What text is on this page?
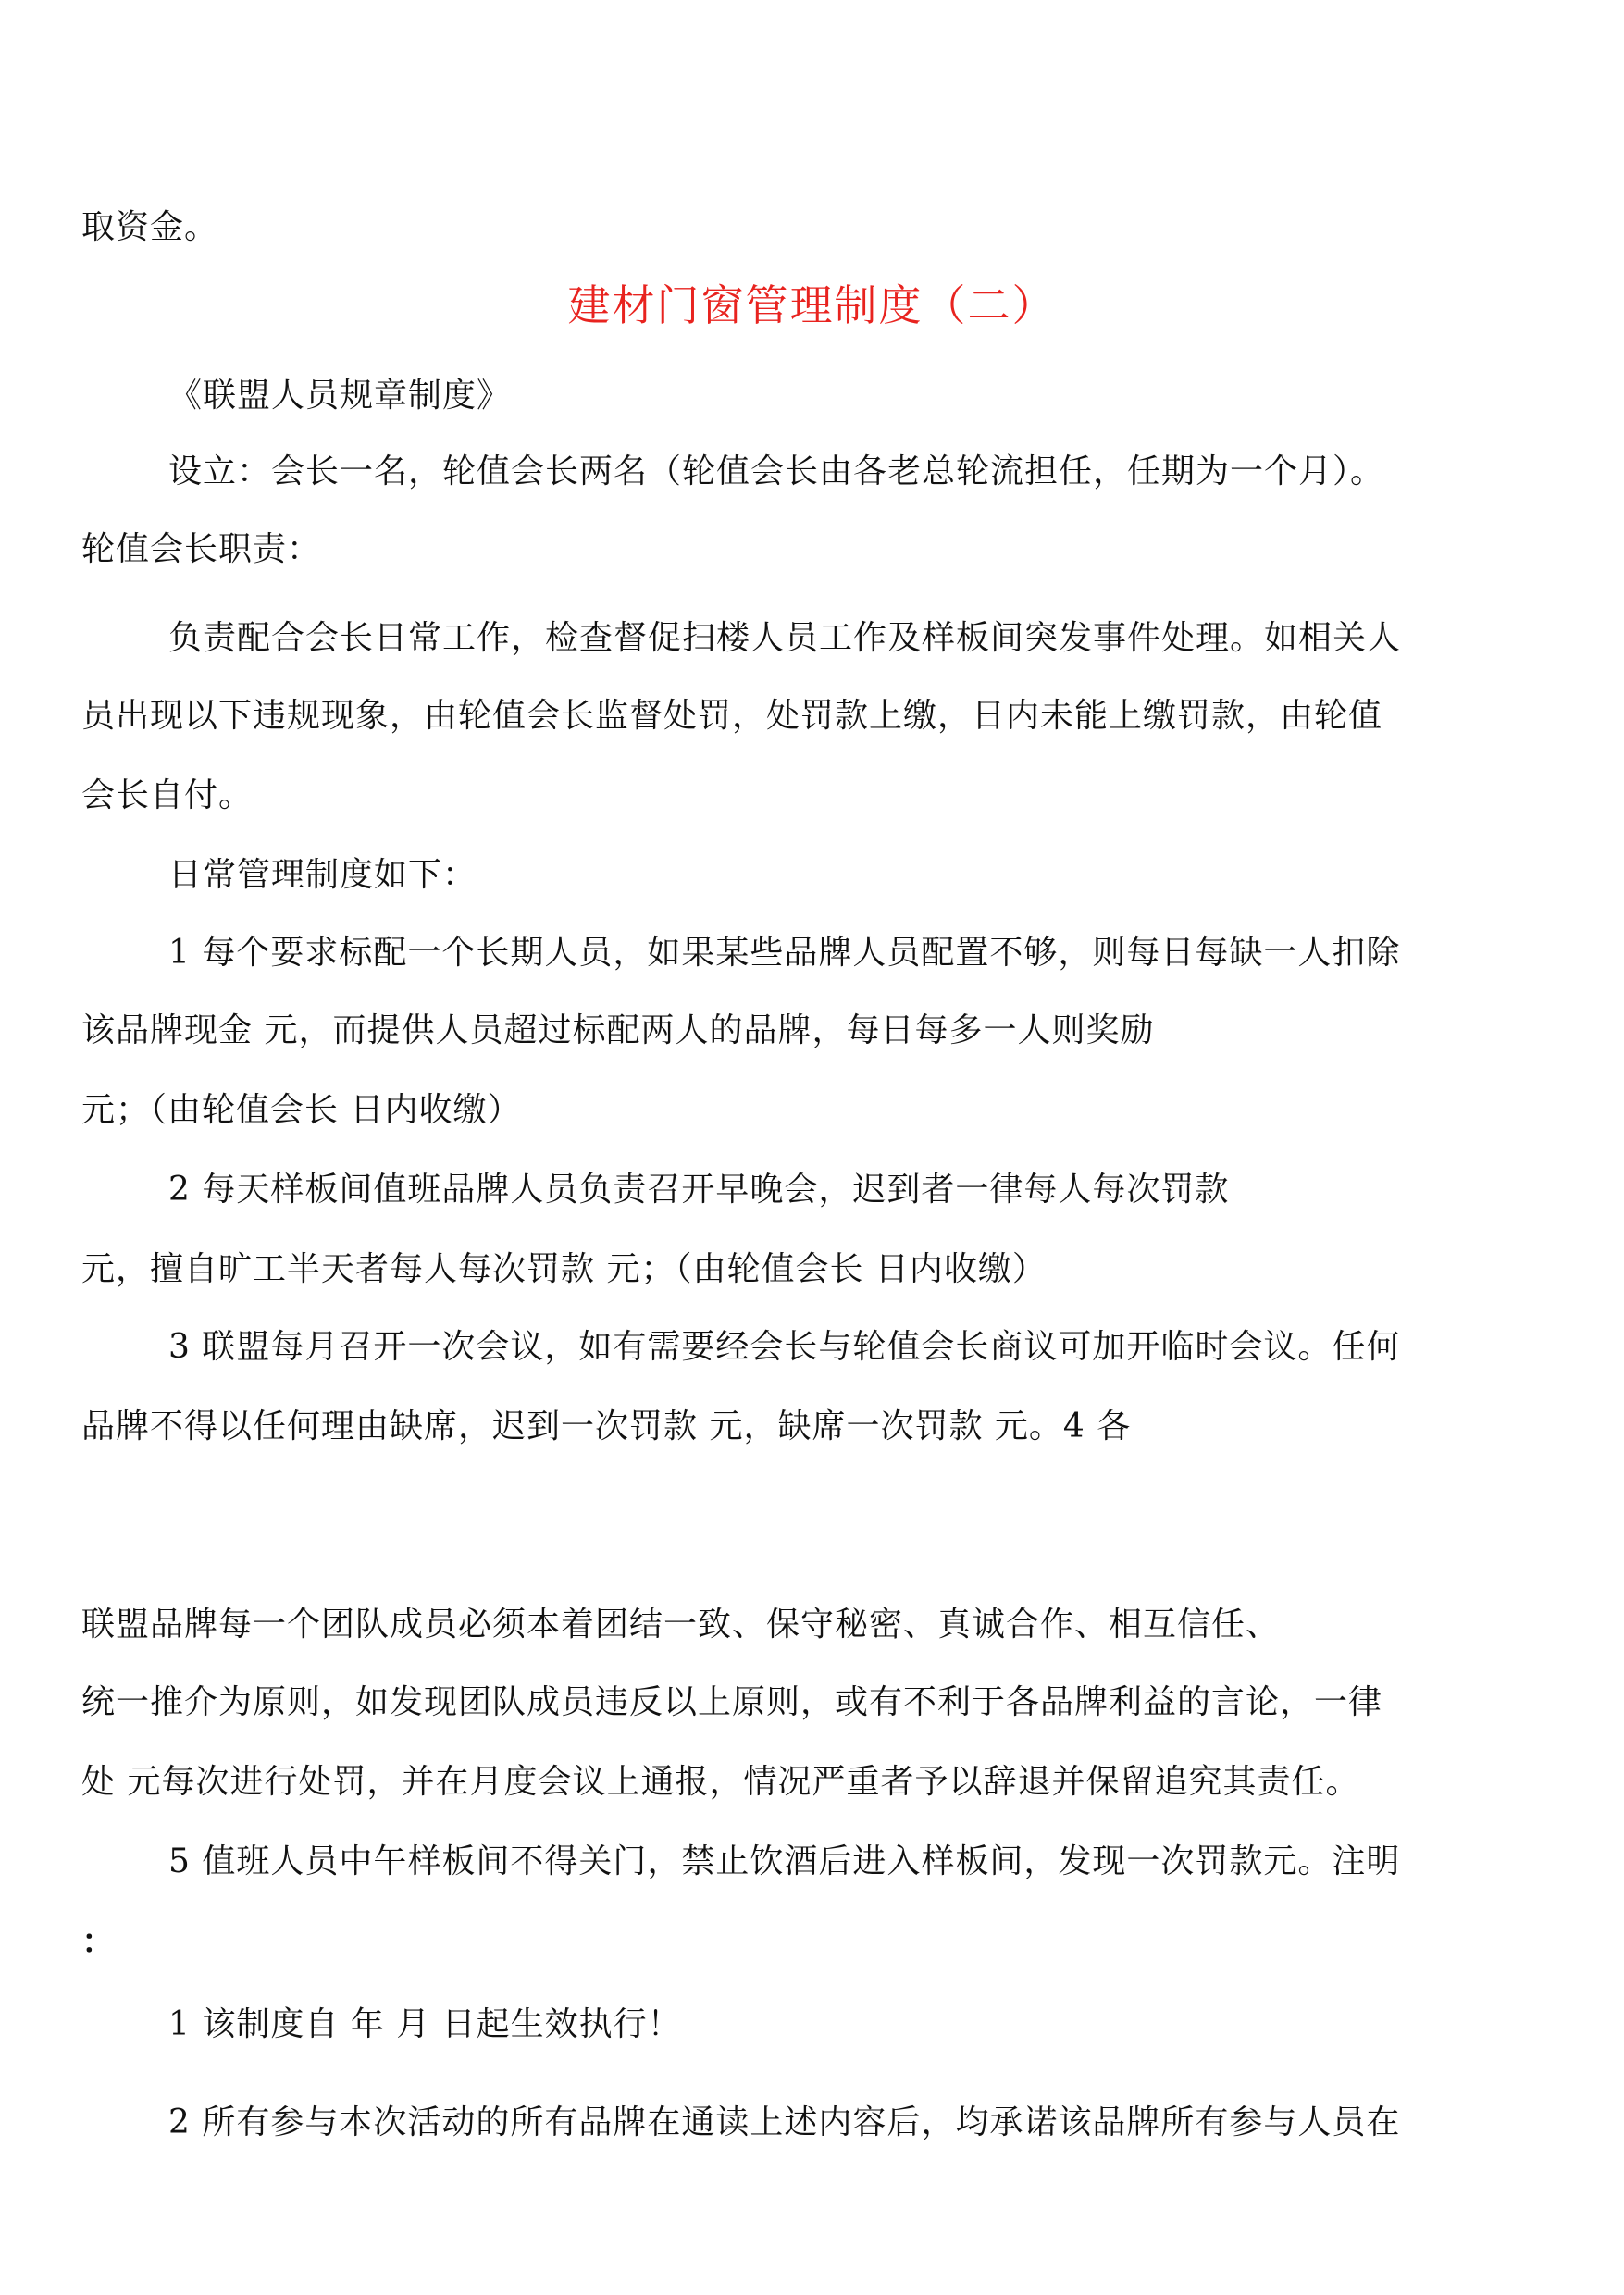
取资金。
建材门窗管理制度（二）
《联盟人员规章制度》
设立：会长一名，轮值会长两名（轮值会长由各老总轮流担任，任期为一个月）。
轮值会长职责：
负责配合会长日常工作，检查督促扫楼人员工作及样板间突发事件处理。如相关人
员出现以下违规现象，由轮值会长监督处罚，处罚款上缴，日内未能上缴罚款，由轮值
会长自付。
日常管理制度如下：
1 每个要求标配一个长期人员，如果某些品牌人员配置不够，则每日每缺一人扣除
该品牌现金 元，而提供人员超过标配两人的品牌，每日每多一人则奖励
元；（由轮值会长 日内收缴）
2 每天样板间值班品牌人员负责召开早晚会，迟到者一律每人每次罚款
元，擅自旷工半天者每人每次罚款 元；（由轮值会长 日内收缴）
3 联盟每月召开一次会议，如有需要经会长与轮值会长商议可加开临时会议。任何
品牌不得以任何理由缺席，迟到一次罚款 元，缺席一次罚款 元。4 各
联盟品牌每一个团队成员必须本着团结一致、保守秘密、真诚合作、相互信任、
统一推介为原则，如发现团队成员违反以上原则，或有不利于各品牌利益的言论，一律
处 元每次进行处罚，并在月度会议上通报，情况严重者予以辞退并保留追究其责任。
5 值班人员中午样板间不得关门，禁止饮酒后进入样板间，发现一次罚款元。注明
：
1 该制度自 年 月 日起生效执行！
2 所有参与本次活动的所有品牌在通读上述内容后，均承诺该品牌所有参与人员在
